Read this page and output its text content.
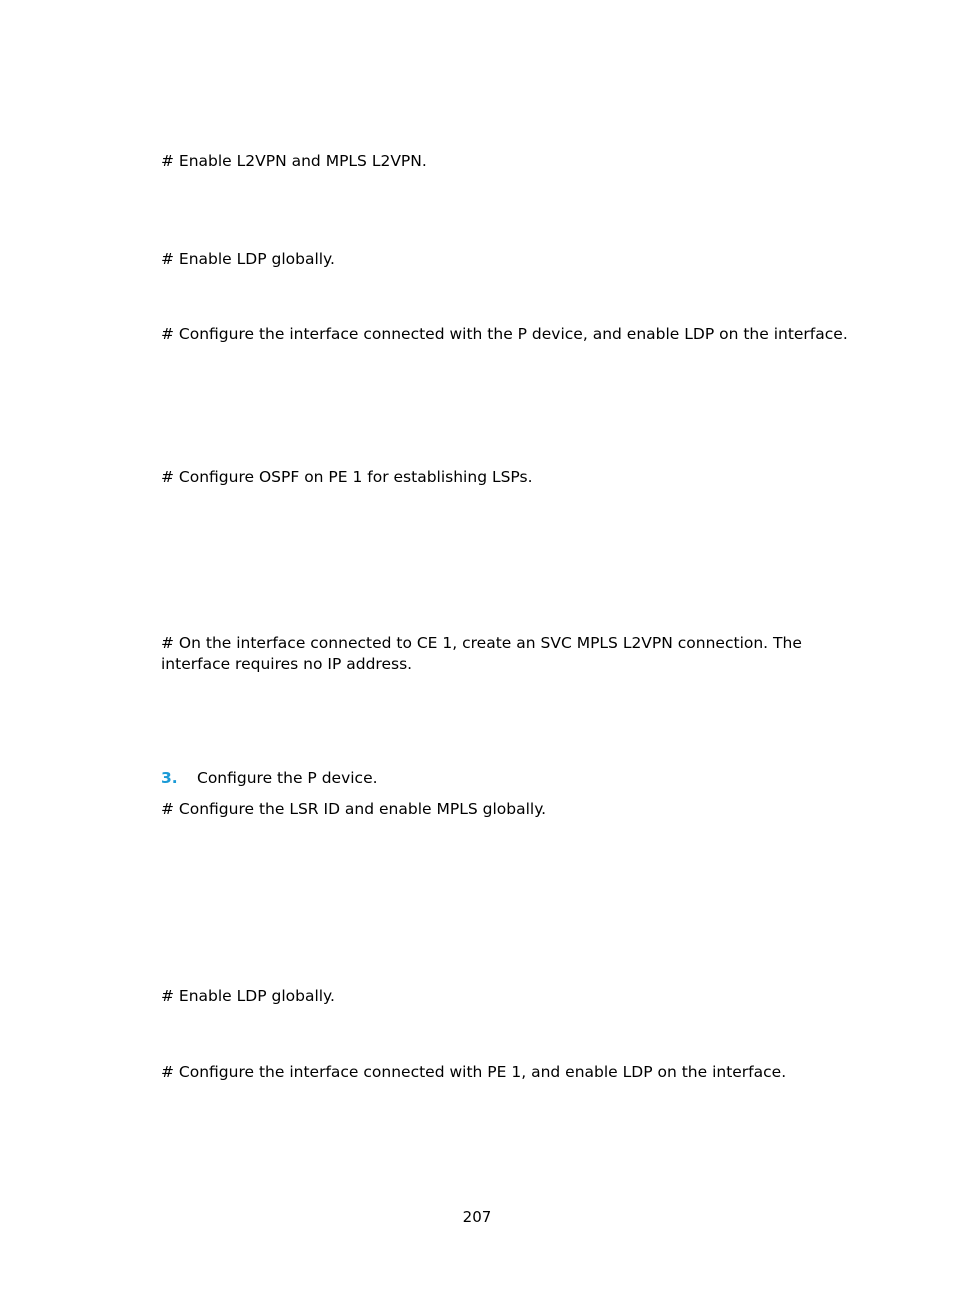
# Enable L2VPN and MPLS L2VPN.
# Enable LDP globally.
# Configure the interface connected with the P device, and enable LDP on the interface.
# Configure OSPF on PE 1 for establishing LSPs.
# On the interface connected to CE 1, create an SVC MPLS L2VPN connection. The interface requires no IP address.
3. Configure the P device.
# Configure the LSR ID and enable MPLS globally.
# Enable LDP globally.
# Configure the interface connected with PE 1, and enable LDP on the interface.
207
